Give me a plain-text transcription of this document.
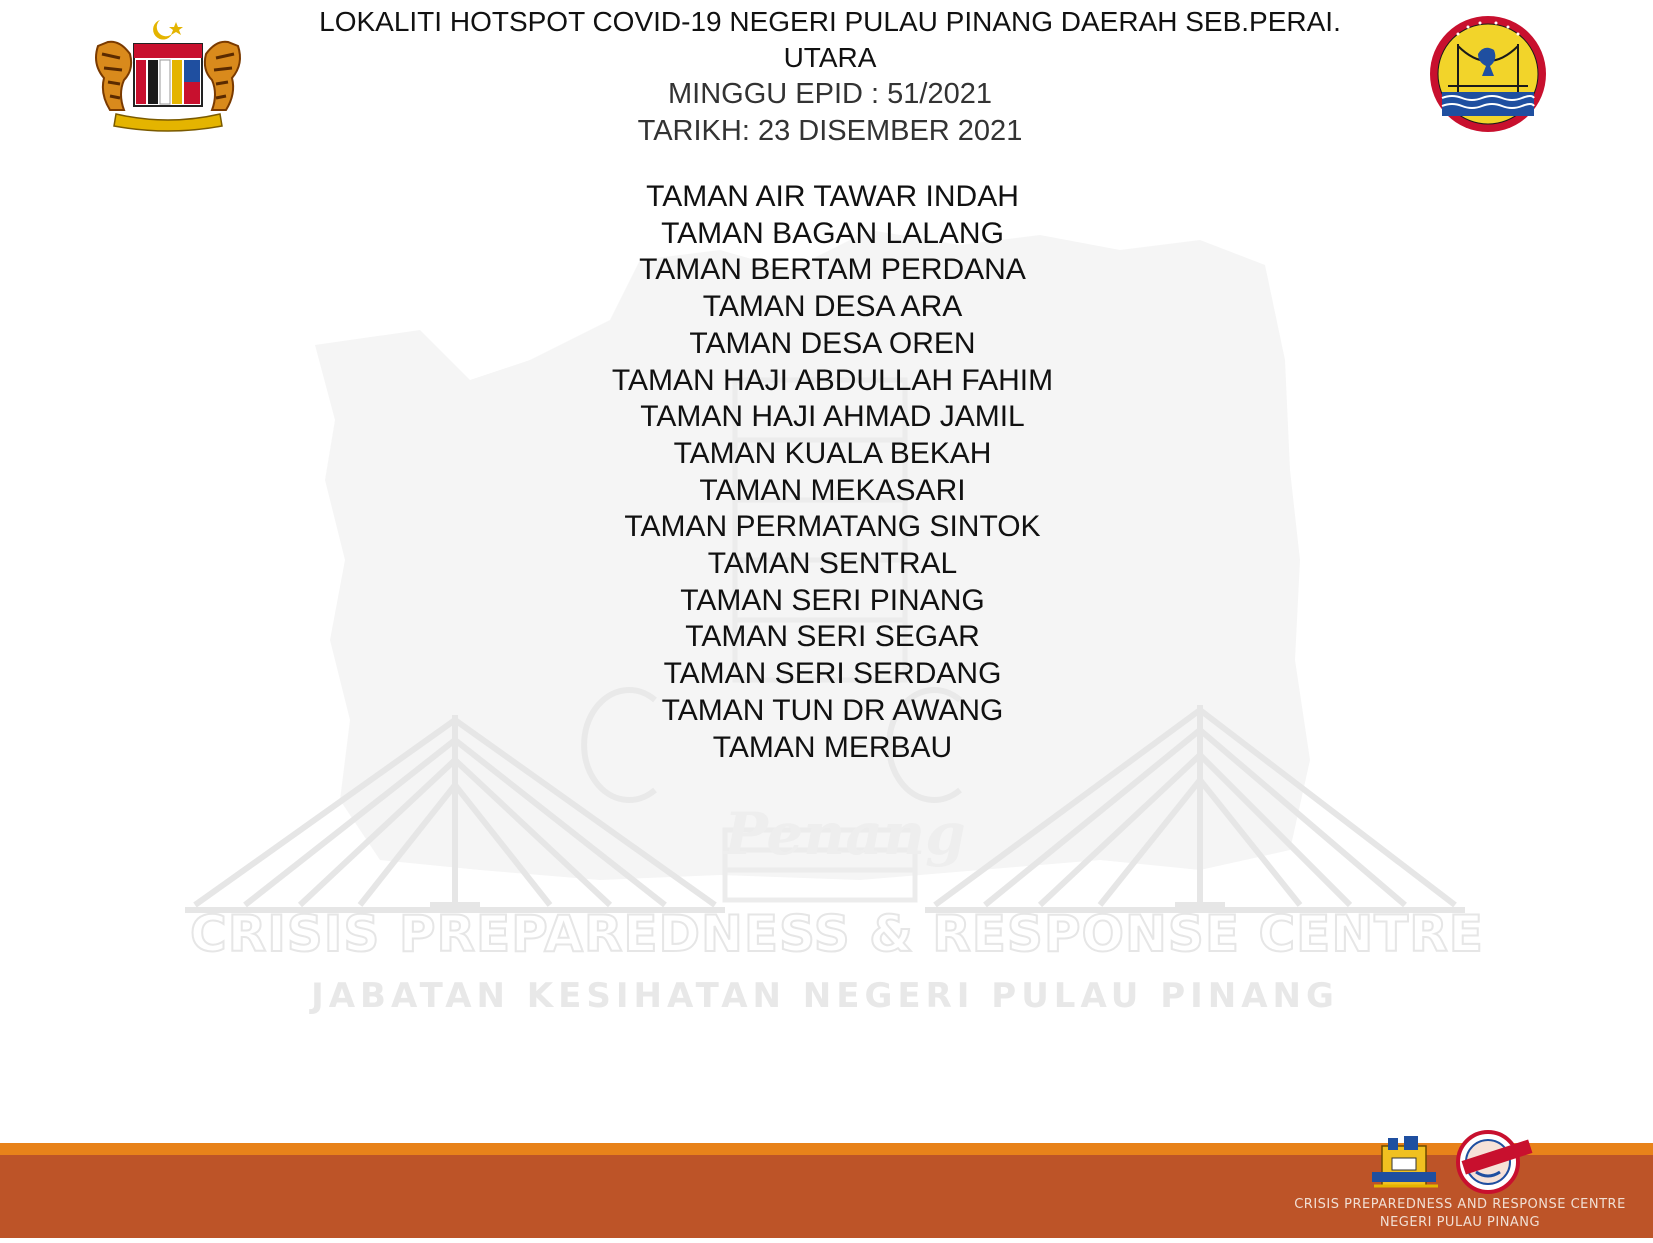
Penang
CRISIS PREPAREDNESS & RESPONSE CENTRE
JABATAN KESIHATAN NEGERI PULAU PINANG
LOKALITI HOTSPOT COVID-19 NEGERI PULAU PINANG DAERAH SEB.PERAI.
UTARA
MINGGU EPID : 51/2021
TARIKH: 23 DISEMBER 2021
TAMAN AIR TAWAR INDAH
TAMAN BAGAN LALANG
TAMAN BERTAM PERDANA
TAMAN DESA ARA
TAMAN DESA OREN
TAMAN HAJI ABDULLAH FAHIM
TAMAN HAJI AHMAD JAMIL
TAMAN KUALA BEKAH
TAMAN MEKASARI
TAMAN PERMATANG SINTOK
TAMAN SENTRAL
TAMAN SERI PINANG
TAMAN SERI SEGAR
TAMAN SERI SERDANG
TAMAN TUN DR AWANG
TAMAN MERBAU
CRISIS PREPAREDNESS AND RESPONSE CENTRE
NEGERI PULAU PINANG
